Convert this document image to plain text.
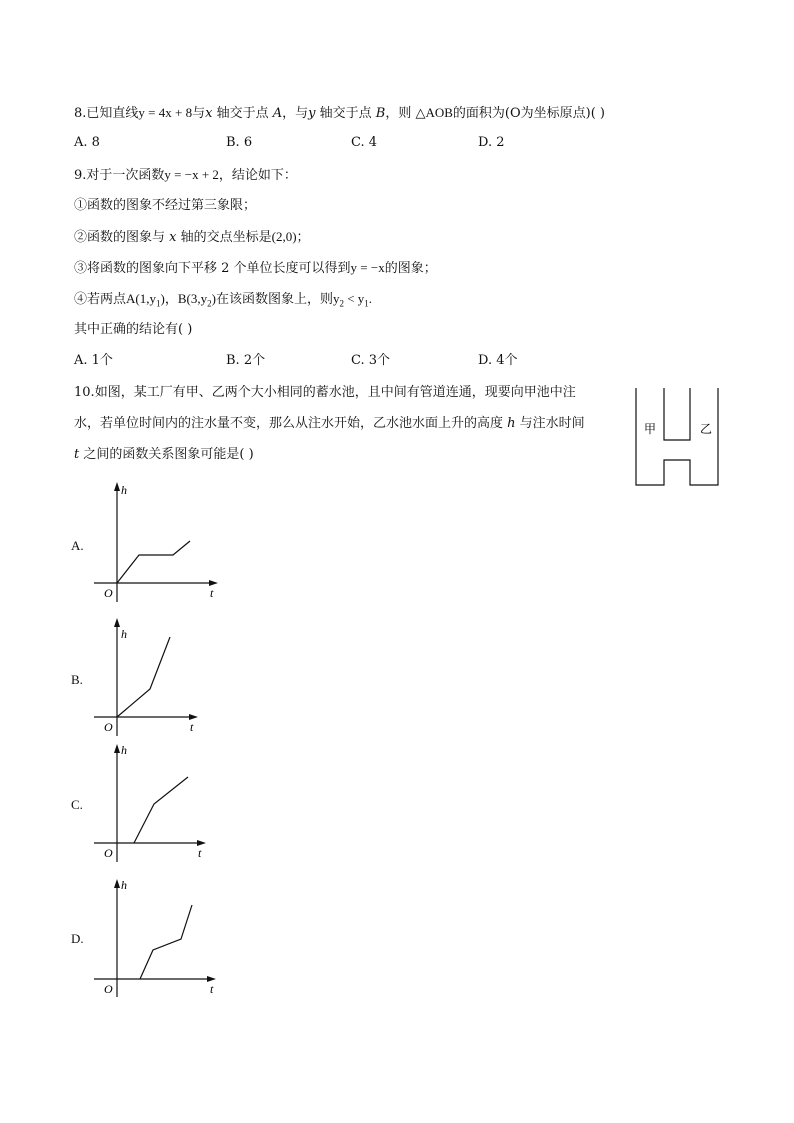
8.已知直线y = 4x + 8与x 轴交于点 A，与y 轴交于点 B，则 △AOB的面积为(O为坐标原点)( )
A. 8	B. 6	C. 4	D. 2
9.对于一次函数y = −x + 2，结论如下：
①函数的图象不经过第三象限；
②函数的图象与 x 轴的交点坐标是(2,0)；
③将函数的图象向下平移 2 个单位长度可以得到y = −x的图象；
④若两点$A(1,y_1)$，$B(3,y_2)$在该函数图象上，则$y_2 < y_1$.
其中正确的结论有( )
A. 1个	B. 2个	C. 3个	D. 4个
10.如图，某工厂有甲、乙两个大小相同的蓄水池，且中间有管道连通，现要向甲池中注
水，若单位时间内的注水量不变，那么从注水开始，乙水池水面上升的高度 h 与注水时间
t 之间的函数关系图象可能是( )
甲	乙
A.
h
O	t
B.
h
O	t
C.
h
O	t
D.
h
O	t
